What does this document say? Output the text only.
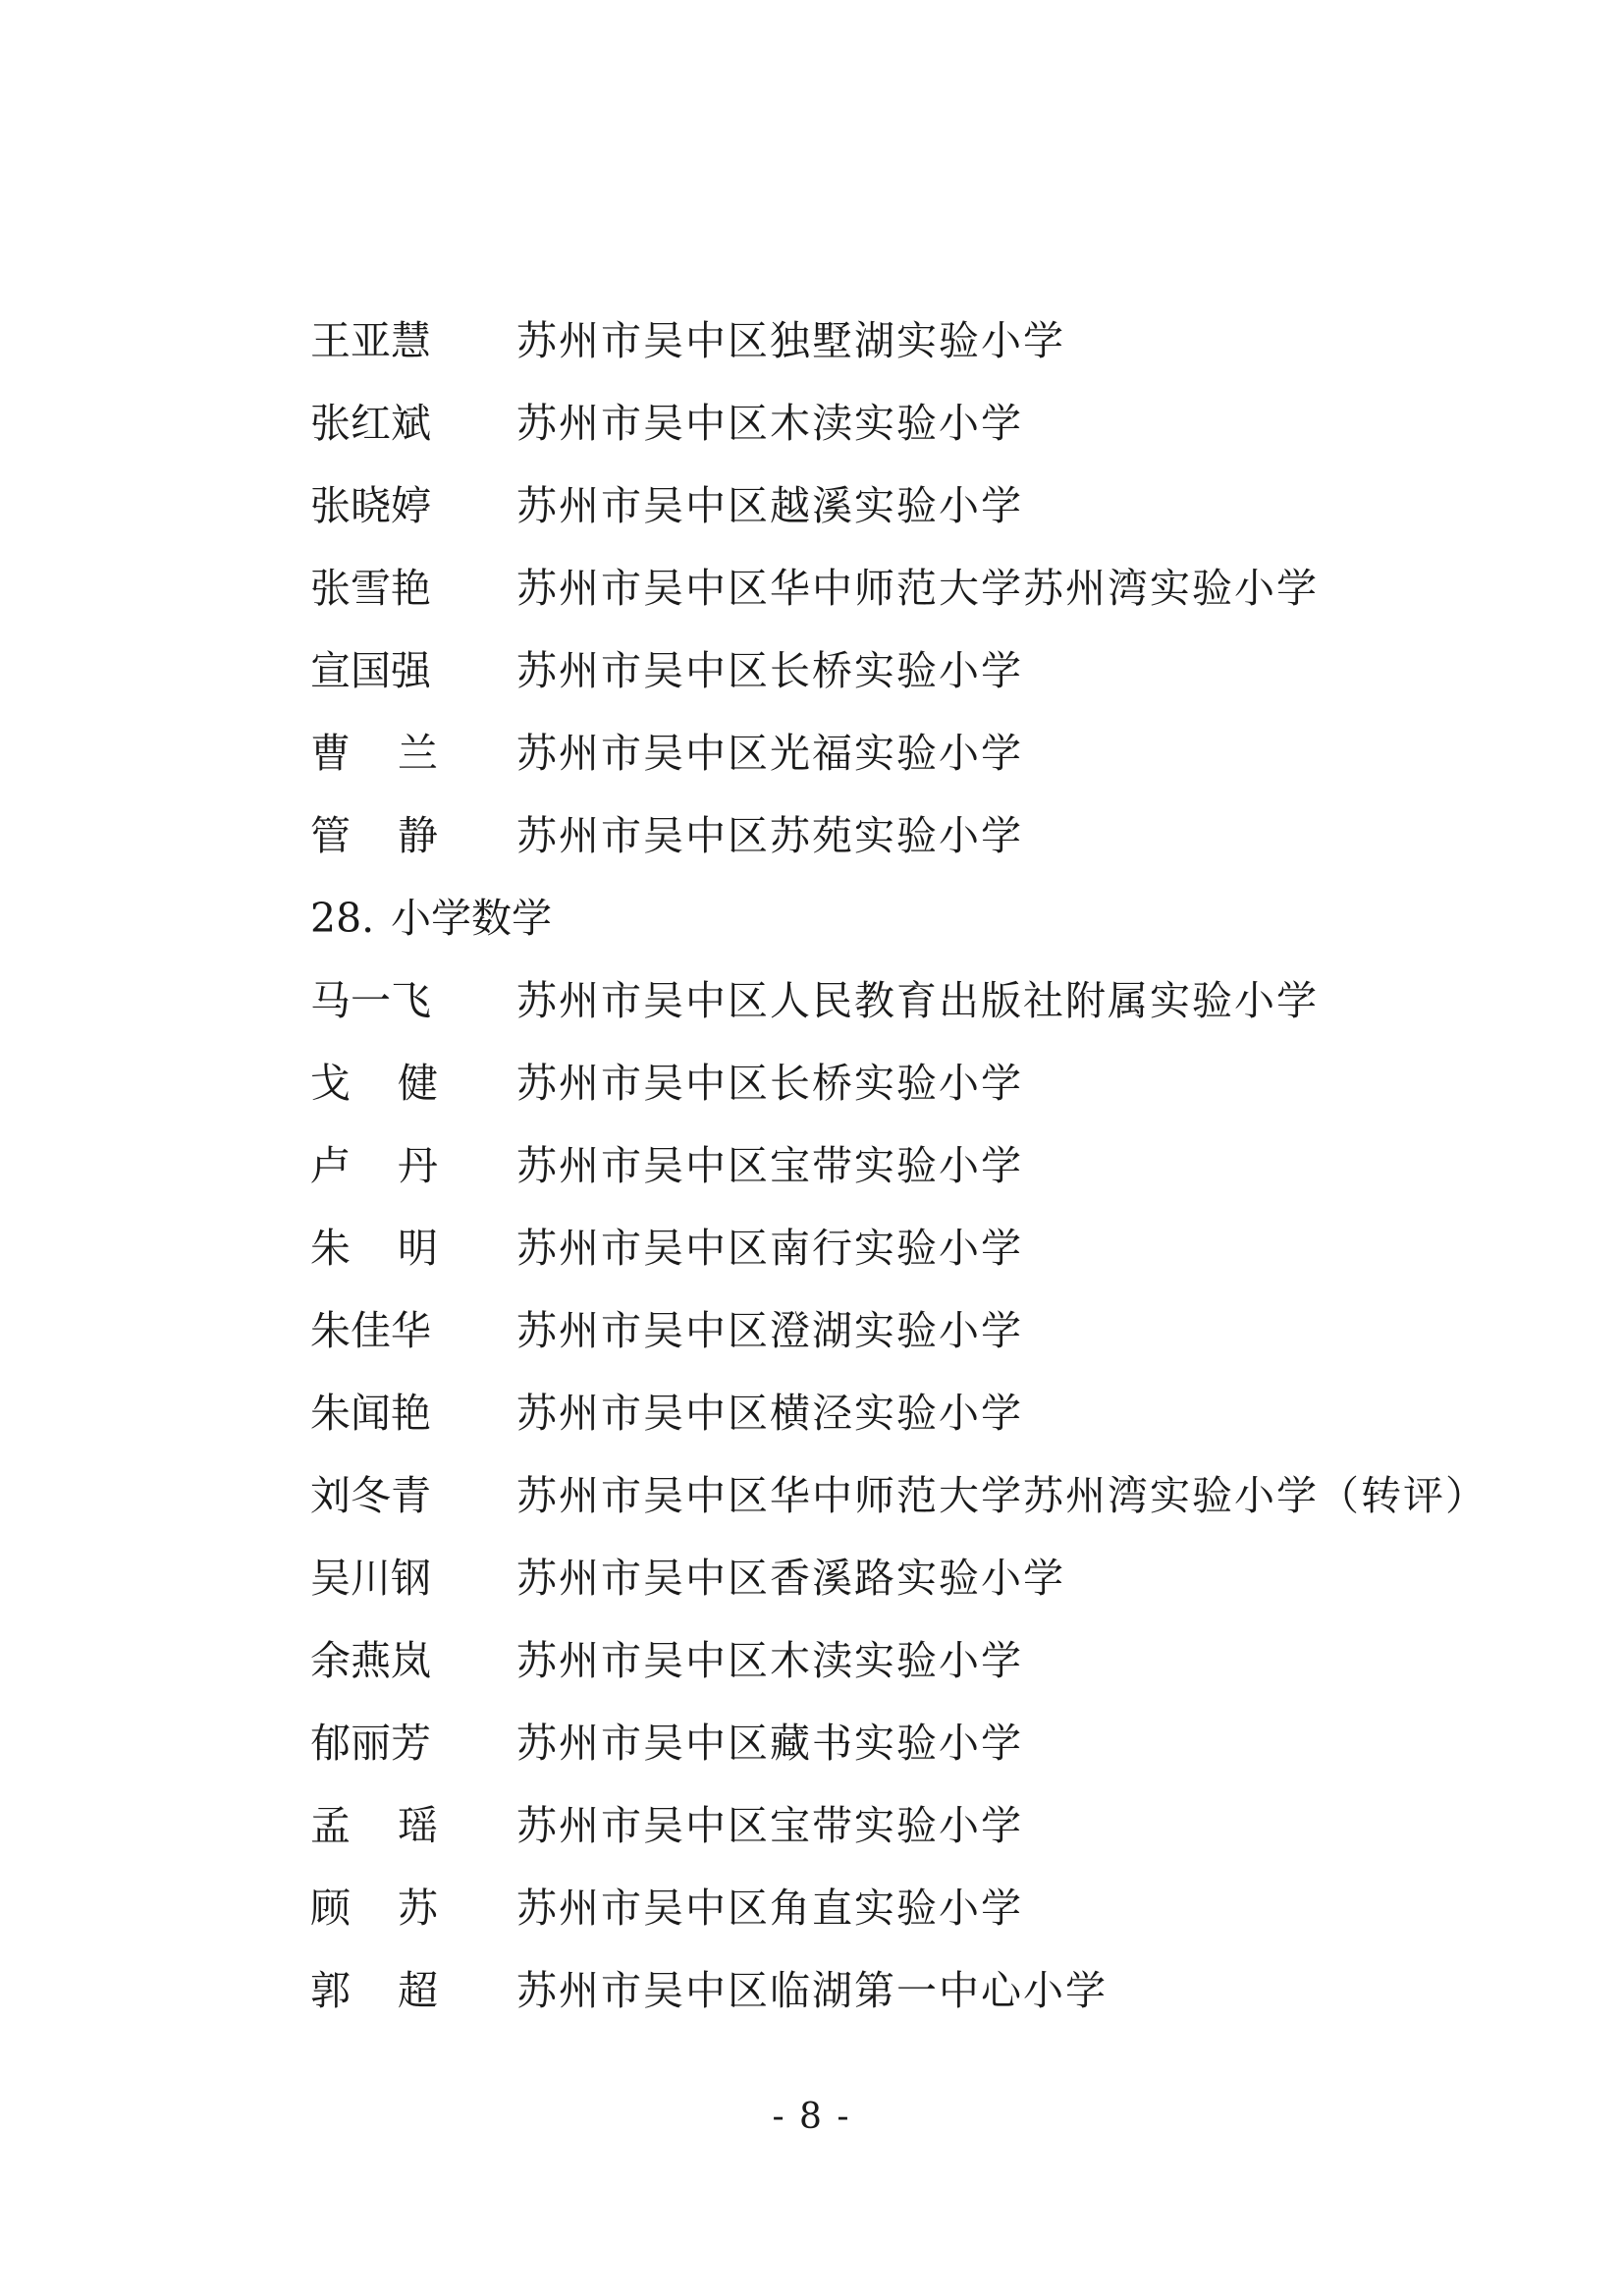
王亚慧 苏州市吴中区独墅湖实验小学
张红斌 苏州市吴中区木渎实验小学
张晓婷 苏州市吴中区越溪实验小学
张雪艳 苏州市吴中区华中师范大学苏州湾实验小学
宣国强 苏州市吴中区长桥实验小学
曹 兰 苏州市吴中区光福实验小学
管 静 苏州市吴中区苏苑实验小学
28. 小学数学
马一飞 苏州市吴中区人民教育出版社附属实验小学
戈 健 苏州市吴中区长桥实验小学
卢 丹 苏州市吴中区宝带实验小学
朱 明 苏州市吴中区南行实验小学
朱佳华 苏州市吴中区澄湖实验小学
朱闻艳 苏州市吴中区横泾实验小学
刘冬青 苏州市吴中区华中师范大学苏州湾实验小学（转评）
吴川钢 苏州市吴中区香溪路实验小学
余燕岚 苏州市吴中区木渎实验小学
郁丽芳 苏州市吴中区藏书实验小学
孟 瑶 苏州市吴中区宝带实验小学
顾 苏 苏州市吴中区角直实验小学
郭 超 苏州市吴中区临湖第一中心小学
- 8 -
